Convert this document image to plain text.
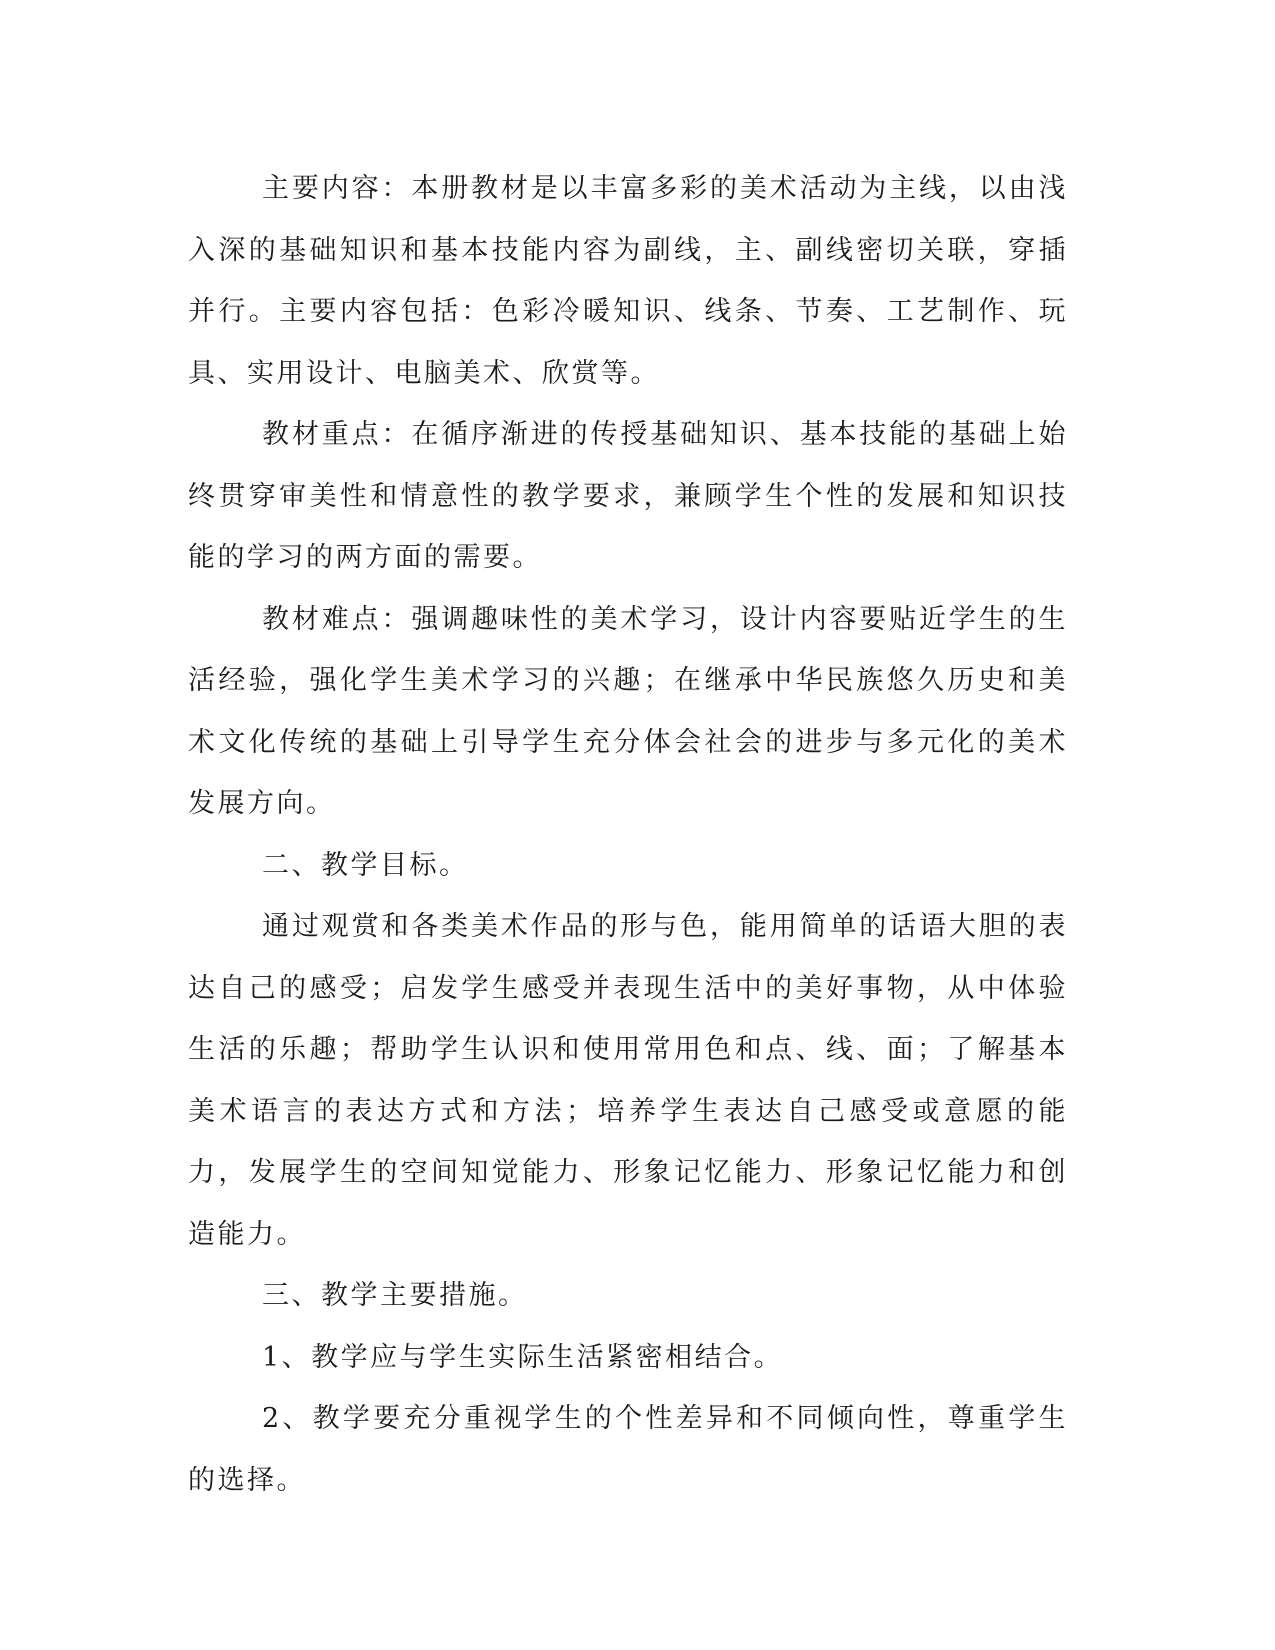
主要内容：本册教材是以丰富多彩的美术活动为主线，以由浅入深的基础知识和基本技能内容为副线，主、副线密切关联，穿插并行。主要内容包括：色彩冷暖知识、线条、节奏、工艺制作、玩具、实用设计、电脑美术、欣赏等。

教材重点：在循序渐进的传授基础知识、基本技能的基础上始终贯穿审美性和情意性的教学要求，兼顾学生个性的发展和知识技能的学习的两方面的需要。

教材难点：强调趣味性的美术学习，设计内容要贴近学生的生活经验，强化学生美术学习的兴趣；在继承中华民族悠久历史和美术文化传统的基础上引导学生充分体会社会的进步与多元化的美术发展方向。

二、教学目标。

通过观赏和各类美术作品的形与色，能用简单的话语大胆的表达自己的感受；启发学生感受并表现生活中的美好事物，从中体验生活的乐趣；帮助学生认识和使用常用色和点、线、面；了解基本美术语言的表达方式和方法；培养学生表达自己感受或意愿的能力，发展学生的空间知觉能力、形象记忆能力、形象记忆能力和创造能力。

三、教学主要措施。

1、教学应与学生实际生活紧密相结合。

2、教学要充分重视学生的个性差异和不同倾向性，尊重学生的选择。
